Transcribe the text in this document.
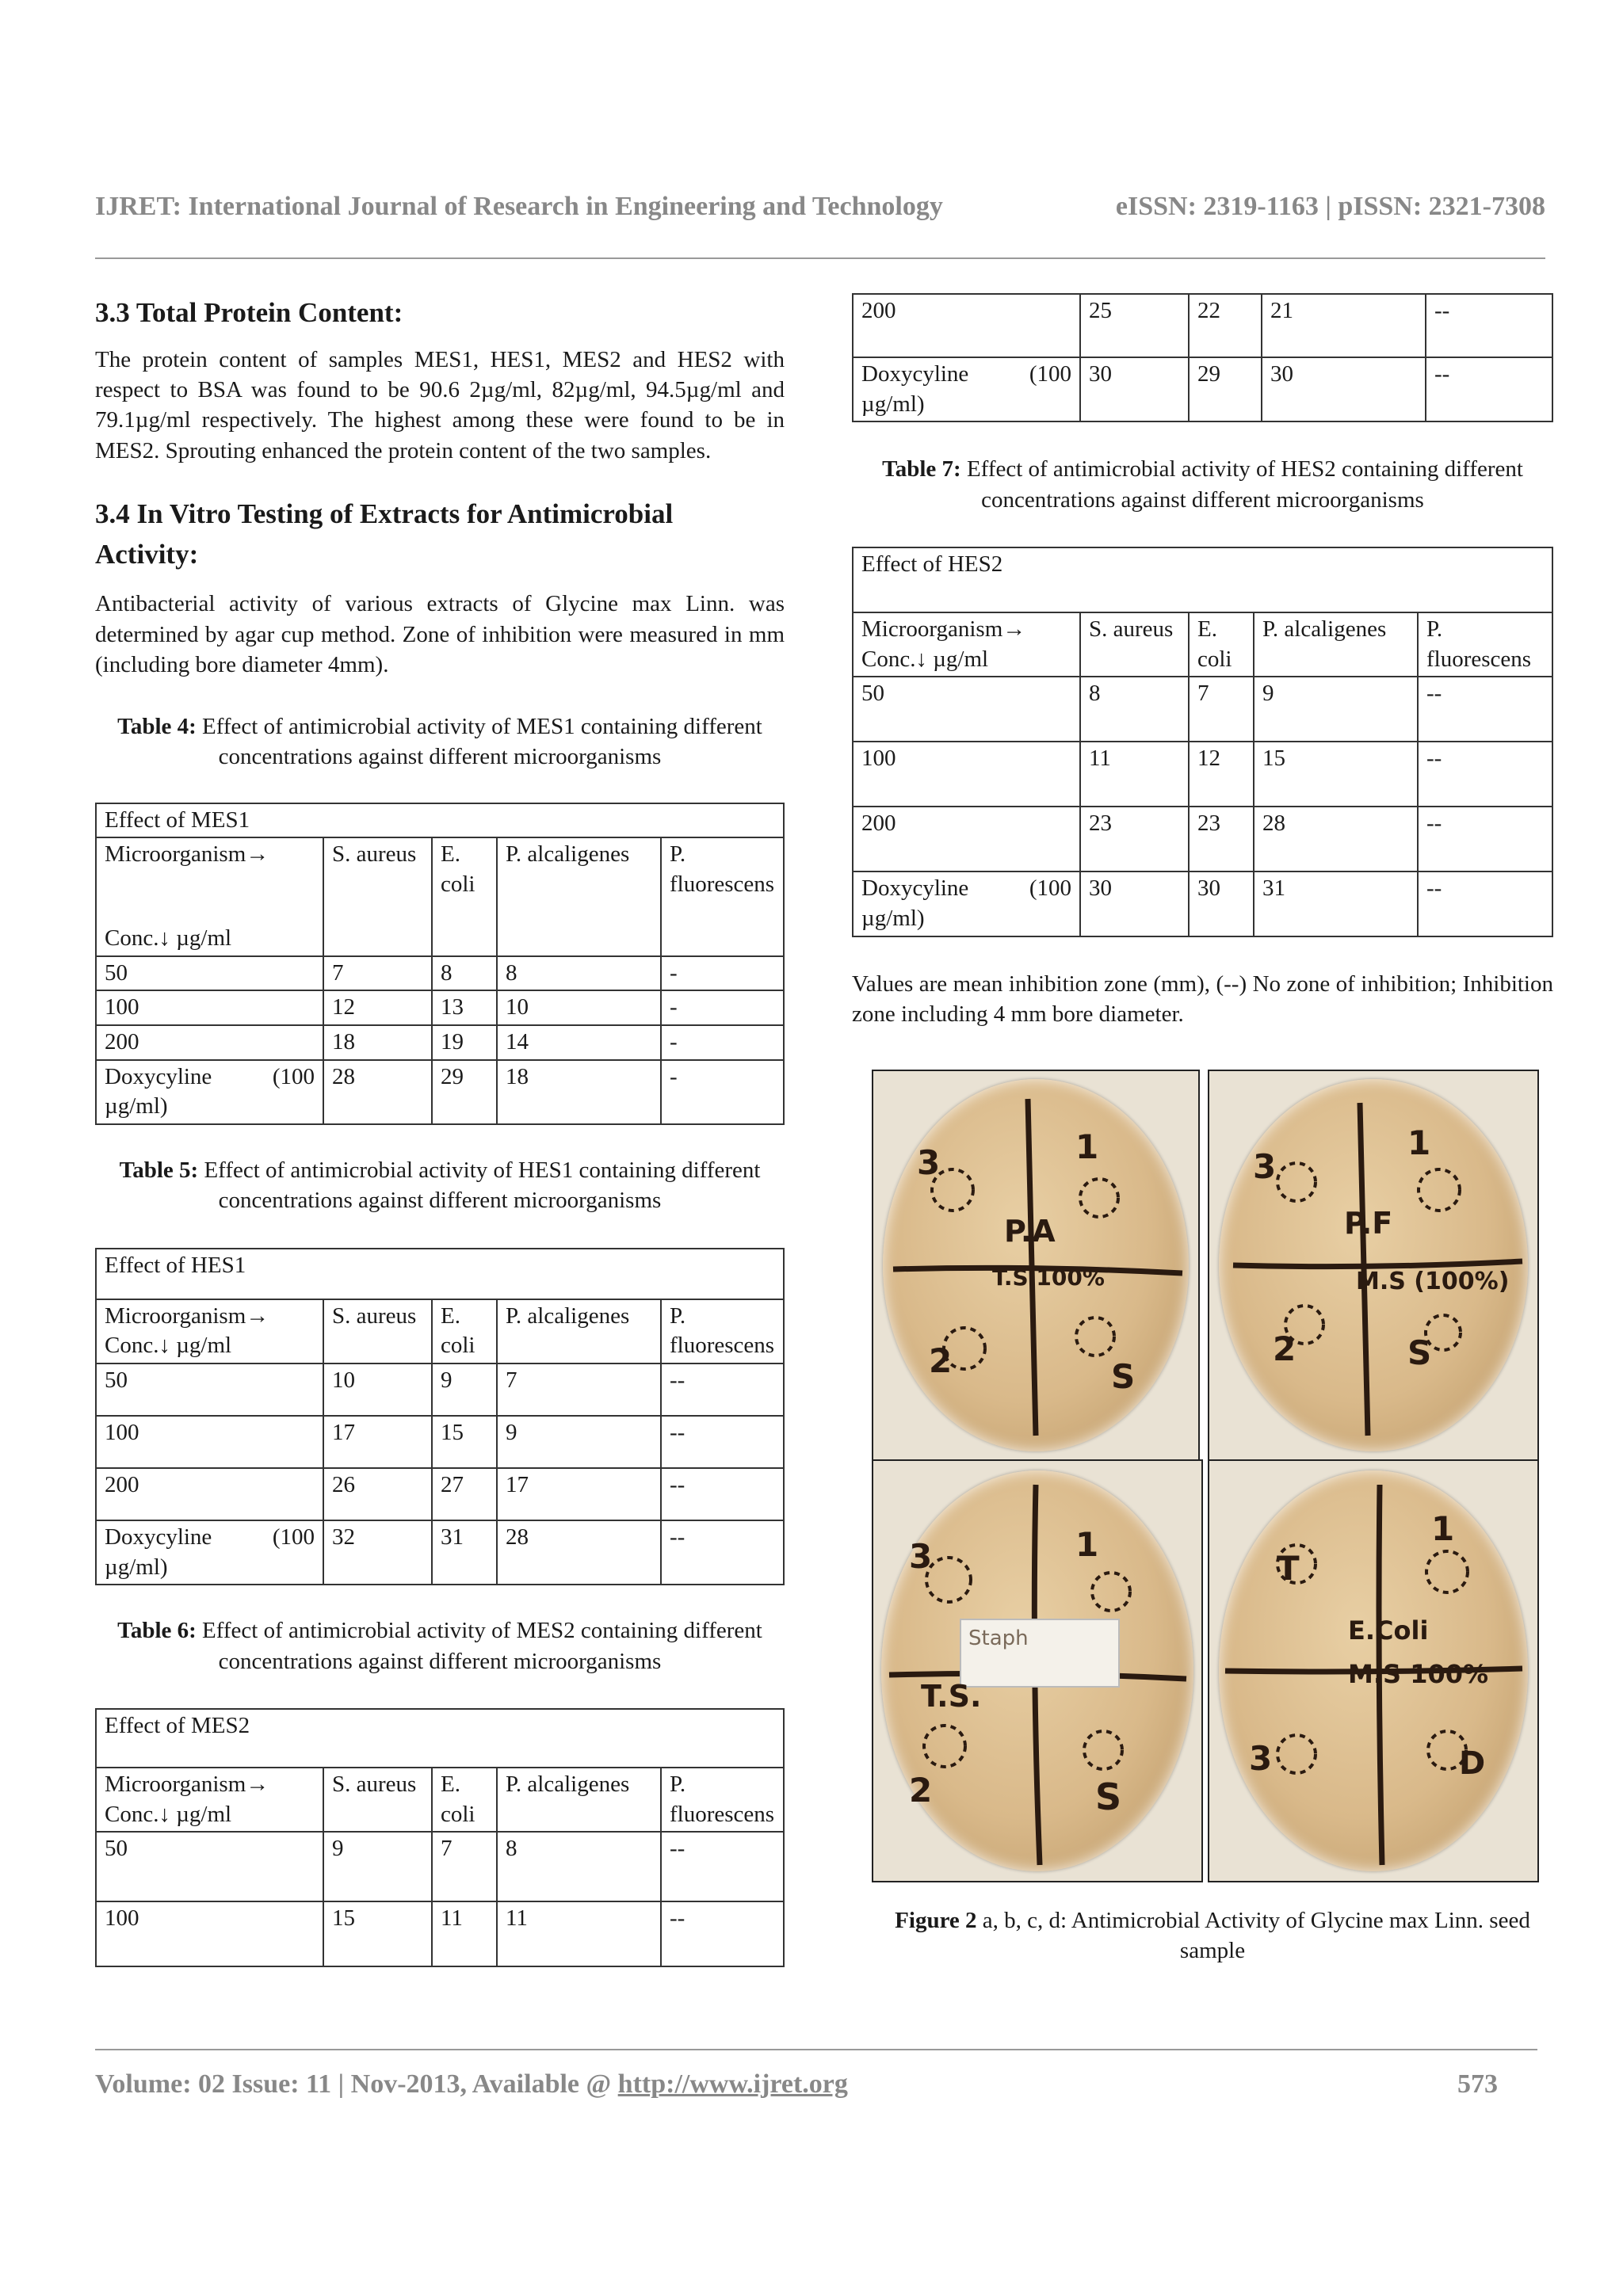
IJRET: International Journal of Research in Engineering and Technology	eISSN: 2319-1163 | pISSN: 2321-7308
3.3 Total Protein Content:

The protein content of samples MES1, HES1, MES2 and HES2 with respect to BSA was found to be 90.6 2µg/ml, 82µg/ml, 94.5µg/ml and 79.1µg/ml respectively. The highest among these were found to be in MES2. Sprouting enhanced the protein content of the two samples.

3.4 In Vitro Testing of Extracts for Antimicrobial
Activity:

Antibacterial activity of various extracts of Glycine max Linn. was determined by agar cup method. Zone of inhibition were measured in mm (including bore diameter 4mm).

Table 4: Effect of antimicrobial activity of MES1 containing different concentrations against different microorganisms

Effect of MES1				

Microorganism→
Conc.↓ µg/ml	S. aureus	E. coli	P. alcaligenes	P. fluorescens
50	7	8	8	-
100	12	13	10	-
200	18	19	14	-

Doxycyline (100
µg/ml)	28	29	18	-

Table 5: Effect of antimicrobial activity of HES1 containing different concentrations against different microorganisms

Effect of HES1				

Microorganism→
Conc.↓ µg/ml	S. aureus	E. coli	P. alcaligenes	P. fluorescens
50	10	9	7	--
100	17	15	9	--
200	26	27	17	--

Doxycyline (100
µg/ml)	32	31	28	--

Table 6: Effect of antimicrobial activity of MES2 containing different concentrations against different microorganisms

Effect of MES2				

Microorganism→
Conc.↓ µg/ml	S. aureus	E. coli	P. alcaligenes	P. fluorescens
50	9	7	8	--
100	15	11	11	--
200	25	22	21	--

Doxycyline (100
µg/ml)	30	29	30	--

Table 7: Effect of antimicrobial activity of HES2 containing different concentrations against different microorganisms

Effect of HES2				

Microorganism→
Conc.↓ µg/ml	S. aureus	E. coli	P. alcaligenes	P. fluorescens
50	8	7	9	--
100	11	12	15	--
200	23	23	28	--

Doxycyline (100
µg/ml)	30	30	31	--

Values are mean inhibition zone (mm), (--) No zone of inhibition; Inhibition zone including 4 mm bore diameter.

P.A
T.S 100%
3	1
2	S
P.F
M.S (100%)
3
1
2	S
Staph
T.S.
3	1
2	S
E.Coli
M.S 100%
T
1
3	D

Figure 2 a, b, c, d: Antimicrobial Activity of Glycine max Linn. seed sample

Volume: 02 Issue: 11 | Nov-2013, Available @ http://www.ijret.org	573
